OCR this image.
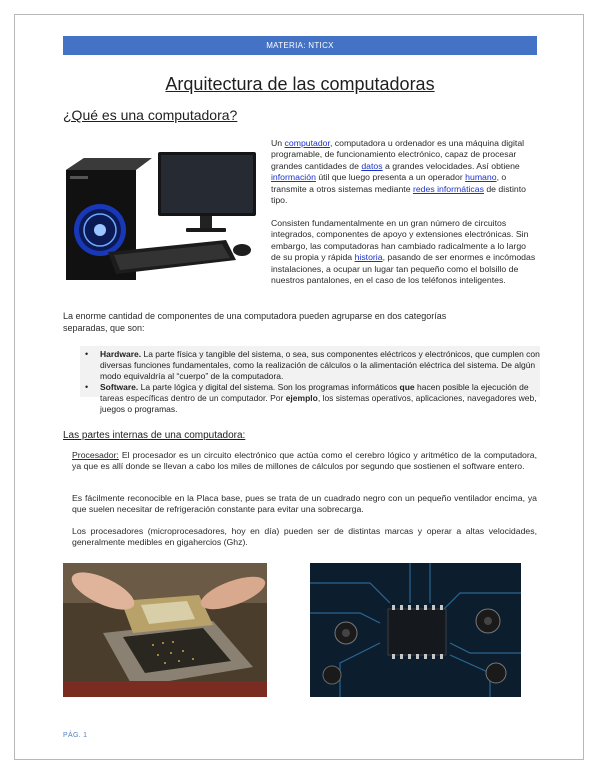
MATERIA: NTICX
Arquitectura de las computadoras
¿Qué es una computadora?
Un computador, computadora u ordenador es una máquina digital programable, de funcionamiento electrónico, capaz de procesar grandes cantidades de datos a grandes velocidades. Así obtiene información útil que luego presenta a un operador humano, o transmite a otros sistemas mediante redes informáticas de distinto tipo.
Consisten fundamentalmente en un gran número de circuitos integrados, componentes de apoyo y extensiones electrónicas. Sin embargo, las computadoras han cambiado radicalmente a lo largo de su propia y rápida historia, pasando de ser enormes e incómodas instalaciones, a ocupar un lugar tan pequeño como el bolsillo de nuestros pantalones, en el caso de los teléfonos inteligentes.
La enorme cantidad de componentes de una computadora pueden agruparse en dos categorías separadas, que son:
• Hardware. La parte física y tangible del sistema, o sea, sus componentes eléctricos y electrónicos, que cumplen con diversas funciones fundamentales, como la realización de cálculos o la alimentación eléctrica del sistema. De algún modo equivaldría al “cuerpo” de la computadora.
• Software. La parte lógica y digital del sistema. Son los programas informáticos que hacen posible la ejecución de tareas específicas dentro de un computador. Por ejemplo, los sistemas operativos, aplicaciones, navegadores web, juegos o programas.
Las partes internas de una computadora:
Procesador: El procesador es un circuito electrónico que actúa como el cerebro lógico y aritmético de la computadora, ya que es allí donde se llevan a cabo los miles de millones de cálculos por segundo que sostienen el software entero.
Es fácilmente reconocible en la Placa base, pues se trata de un cuadrado negro con un pequeño ventilador encima, ya que suelen necesitar de refrigeración constante para evitar una sobrecarga.
Los procesadores (microprocesadores, hoy en día) pueden ser de distintas marcas y operar a altas velocidades, generalmente medibles en gigahercios (Ghz).
PÁG. 1
